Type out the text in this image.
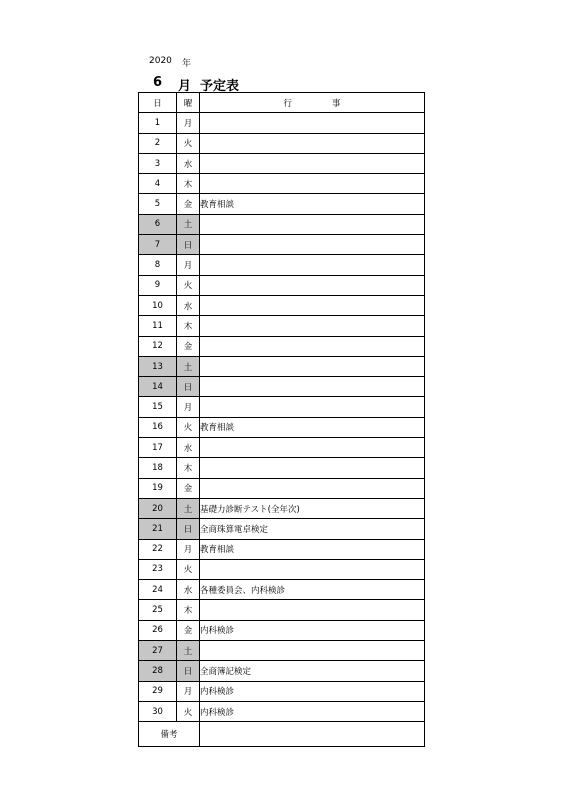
2020 年
6 月 予定表
日	曜	行 事
1	月	
2	火	
3	水	
4	木	
5	金	教育相談
6	土	
7	日	
8	月	
9	火	
10	水	
11	木	
12	金	
13	土	
14	日	
15	月	
16	火	教育相談
17	水	
18	木	
19	金	
20	土	基礎力診断テスト(全年次)
21	日	全商珠算電卓検定
22	月	教育相談
23	火	
24	水	各種委員会、内科検診
25	木	
26	金	内科検診
27	土	
28	日	全商簿記検定
29	月	内科検診
30	火	内科検診
備考		
